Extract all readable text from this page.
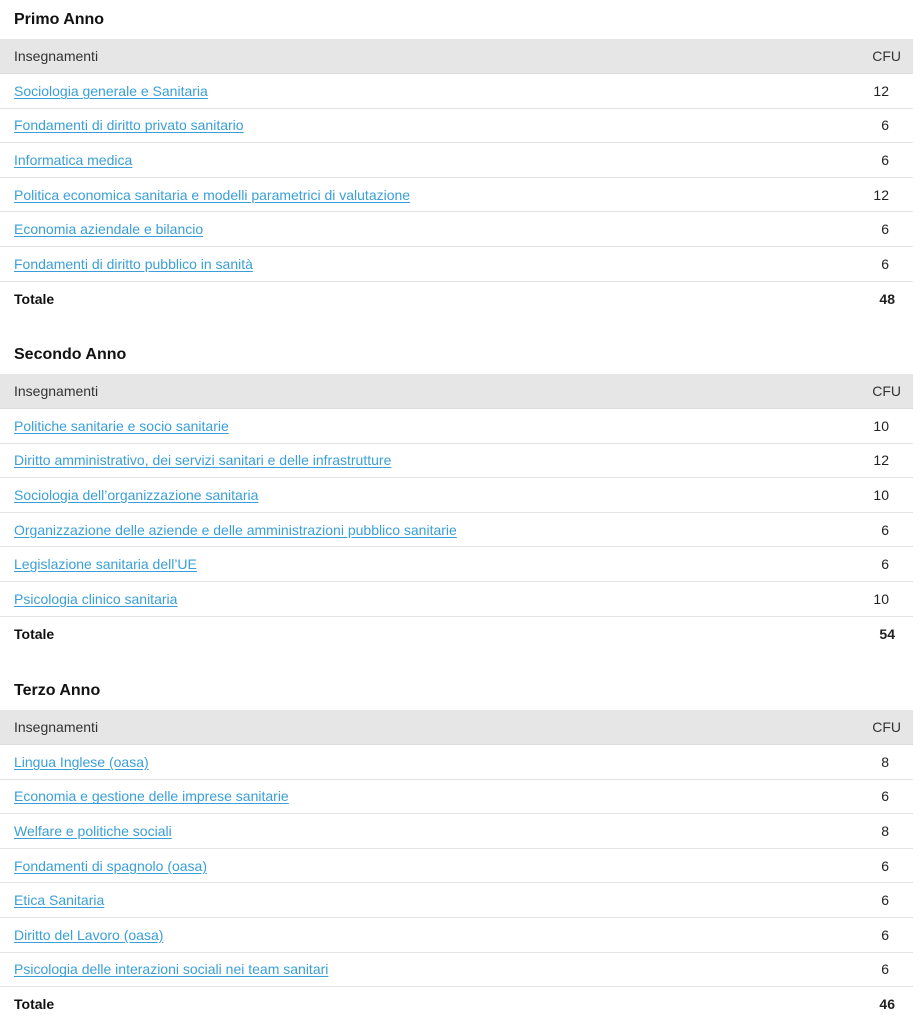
Primo Anno
Insegnamenti	CFU
Sociologia generale e Sanitaria	12
Fondamenti di diritto privato sanitario	6
Informatica medica	6
Politica economica sanitaria e modelli parametrici di valutazione	12
Economia aziendale e bilancio	6
Fondamenti di diritto pubblico in sanità	6
Totale	48
Secondo Anno
Insegnamenti	CFU
Politiche sanitarie e socio sanitarie	10
Diritto amministrativo, dei servizi sanitari e delle infrastrutture	12
Sociologia dell’organizzazione sanitaria	10
Organizzazione delle aziende e delle amministrazioni pubblico sanitarie	6
Legislazione sanitaria dell’UE	6
Psicologia clinico sanitaria	10
Totale	54
Terzo Anno
Insegnamenti	CFU
Lingua Inglese (oasa)	8
Economia e gestione delle imprese sanitarie	6
Welfare e politiche sociali	8
Fondamenti di spagnolo (oasa)	6
Etica Sanitaria	6
Diritto del Lavoro (oasa)	6
Psicologia delle interazioni sociali nei team sanitari	6
Totale	46
